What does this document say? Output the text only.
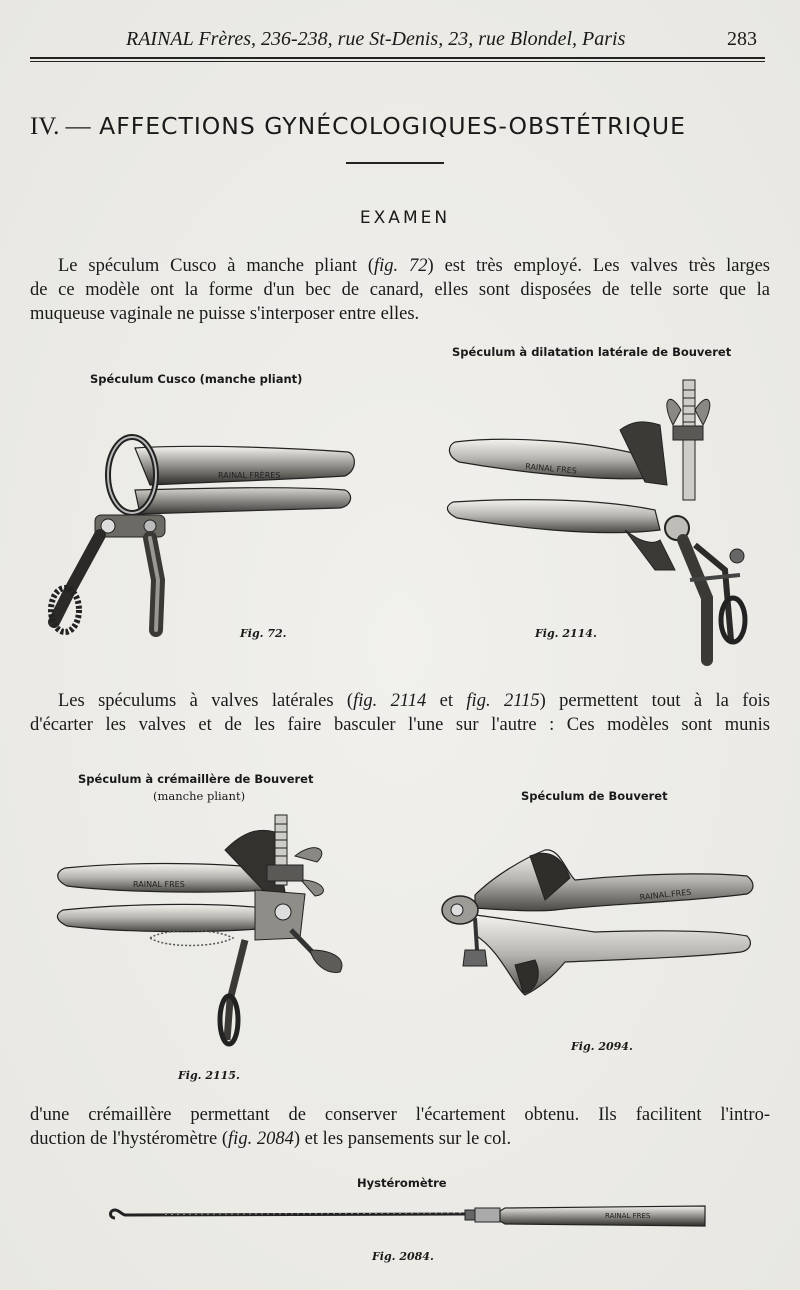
RAINAL Frères, 236-238, rue St-Denis, 23, rue Blondel, Paris	283
IV. — AFFECTIONS GYNÉCOLOGIQUES-OBSTÉTRIQUE
EXAMEN
Le spéculum Cusco à manche pliant (fig. 72) est très employé. Les valves très larges
de ce modèle ont la forme d'un bec de canard, elles sont disposées de telle sorte que la
muqueuse vaginale ne puisse s'interposer entre elles.
Spéculum Cusco (manche pliant)
Spéculum à dilatation latérale de Bouveret
RAINAL FRÈRES
Fig. 72.
RAINAL FRES
Fig. 2114.
Les spéculums à valves latérales (fig. 2114 et fig. 2115) permettent tout à la fois
d'écarter les valves et de les faire basculer l'une sur l'autre : Ces modèles sont munis
Spéculum à crémaillère de Bouveret
(manche pliant)	Spéculum de Bouveret
RAINAL FRES
Fig. 2115.
RAINAL.FRES
Fig. 2094.
d'une crémaillère permettant de conserver l'écartement obtenu. Ils facilitent l'intro-
duction de l'hystéromètre (fig. 2084) et les pansements sur le col.
Hystéromètre
RAINAL FRES
Fig. 2084.
